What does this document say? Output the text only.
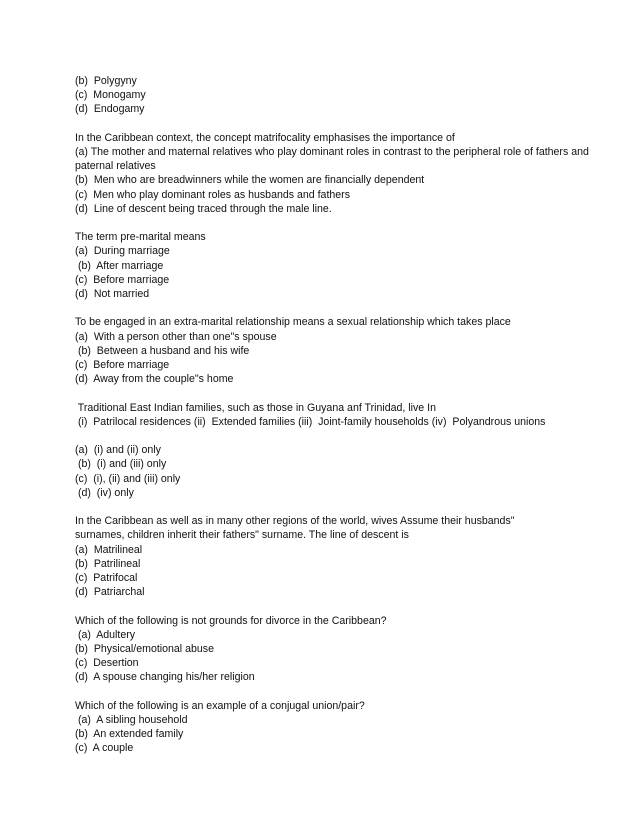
(b)  Polygyny
(c)  Monogamy
(d)  Endogamy
In the Caribbean context, the concept matrifocality emphasises the importance of
(a) The mother and maternal relatives who play dominant roles in contrast to the peripheral role of fathers and paternal relatives
(b)  Men who are breadwinners while the women are financially dependent
(c)  Men who play dominant roles as husbands and fathers
(d)  Line of descent being traced through the male line.
The term pre-marital means
(a)  During marriage
(b)  After marriage
(c)  Before marriage
(d)  Not married
To be engaged in an extra-marital relationship means a sexual relationship which takes place
(a)  With a person other than one"s spouse
(b)  Between a husband and his wife
(c)  Before marriage
(d)  Away from the couple"s home
Traditional East Indian families, such as those in Guyana anf Trinidad, live In
(i)  Patrilocal residences (ii)  Extended families (iii)  Joint-family households (iv)  Polyandrous unions
(a)  (i) and (ii) only
(b)  (i) and (iii) only
(c)  (i), (ii) and (iii) only
(d)  (iv) only
In the Caribbean as well as in many other regions of the world, wives Assume their husbands"
surnames, children inherit their fathers" surname. The line of descent is
(a)  Matrilineal
(b)  Patrilineal
(c)  Patrifocal
(d)  Patriarchal
Which of the following is not grounds for divorce in the Caribbean?
(a)  Adultery
(b)  Physical/emotional abuse
(c)  Desertion
(d)  A spouse changing his/her religion
Which of the following is an example of a conjugal union/pair?
(a)  A sibling household
(b)  An extended family
(c)  A couple
